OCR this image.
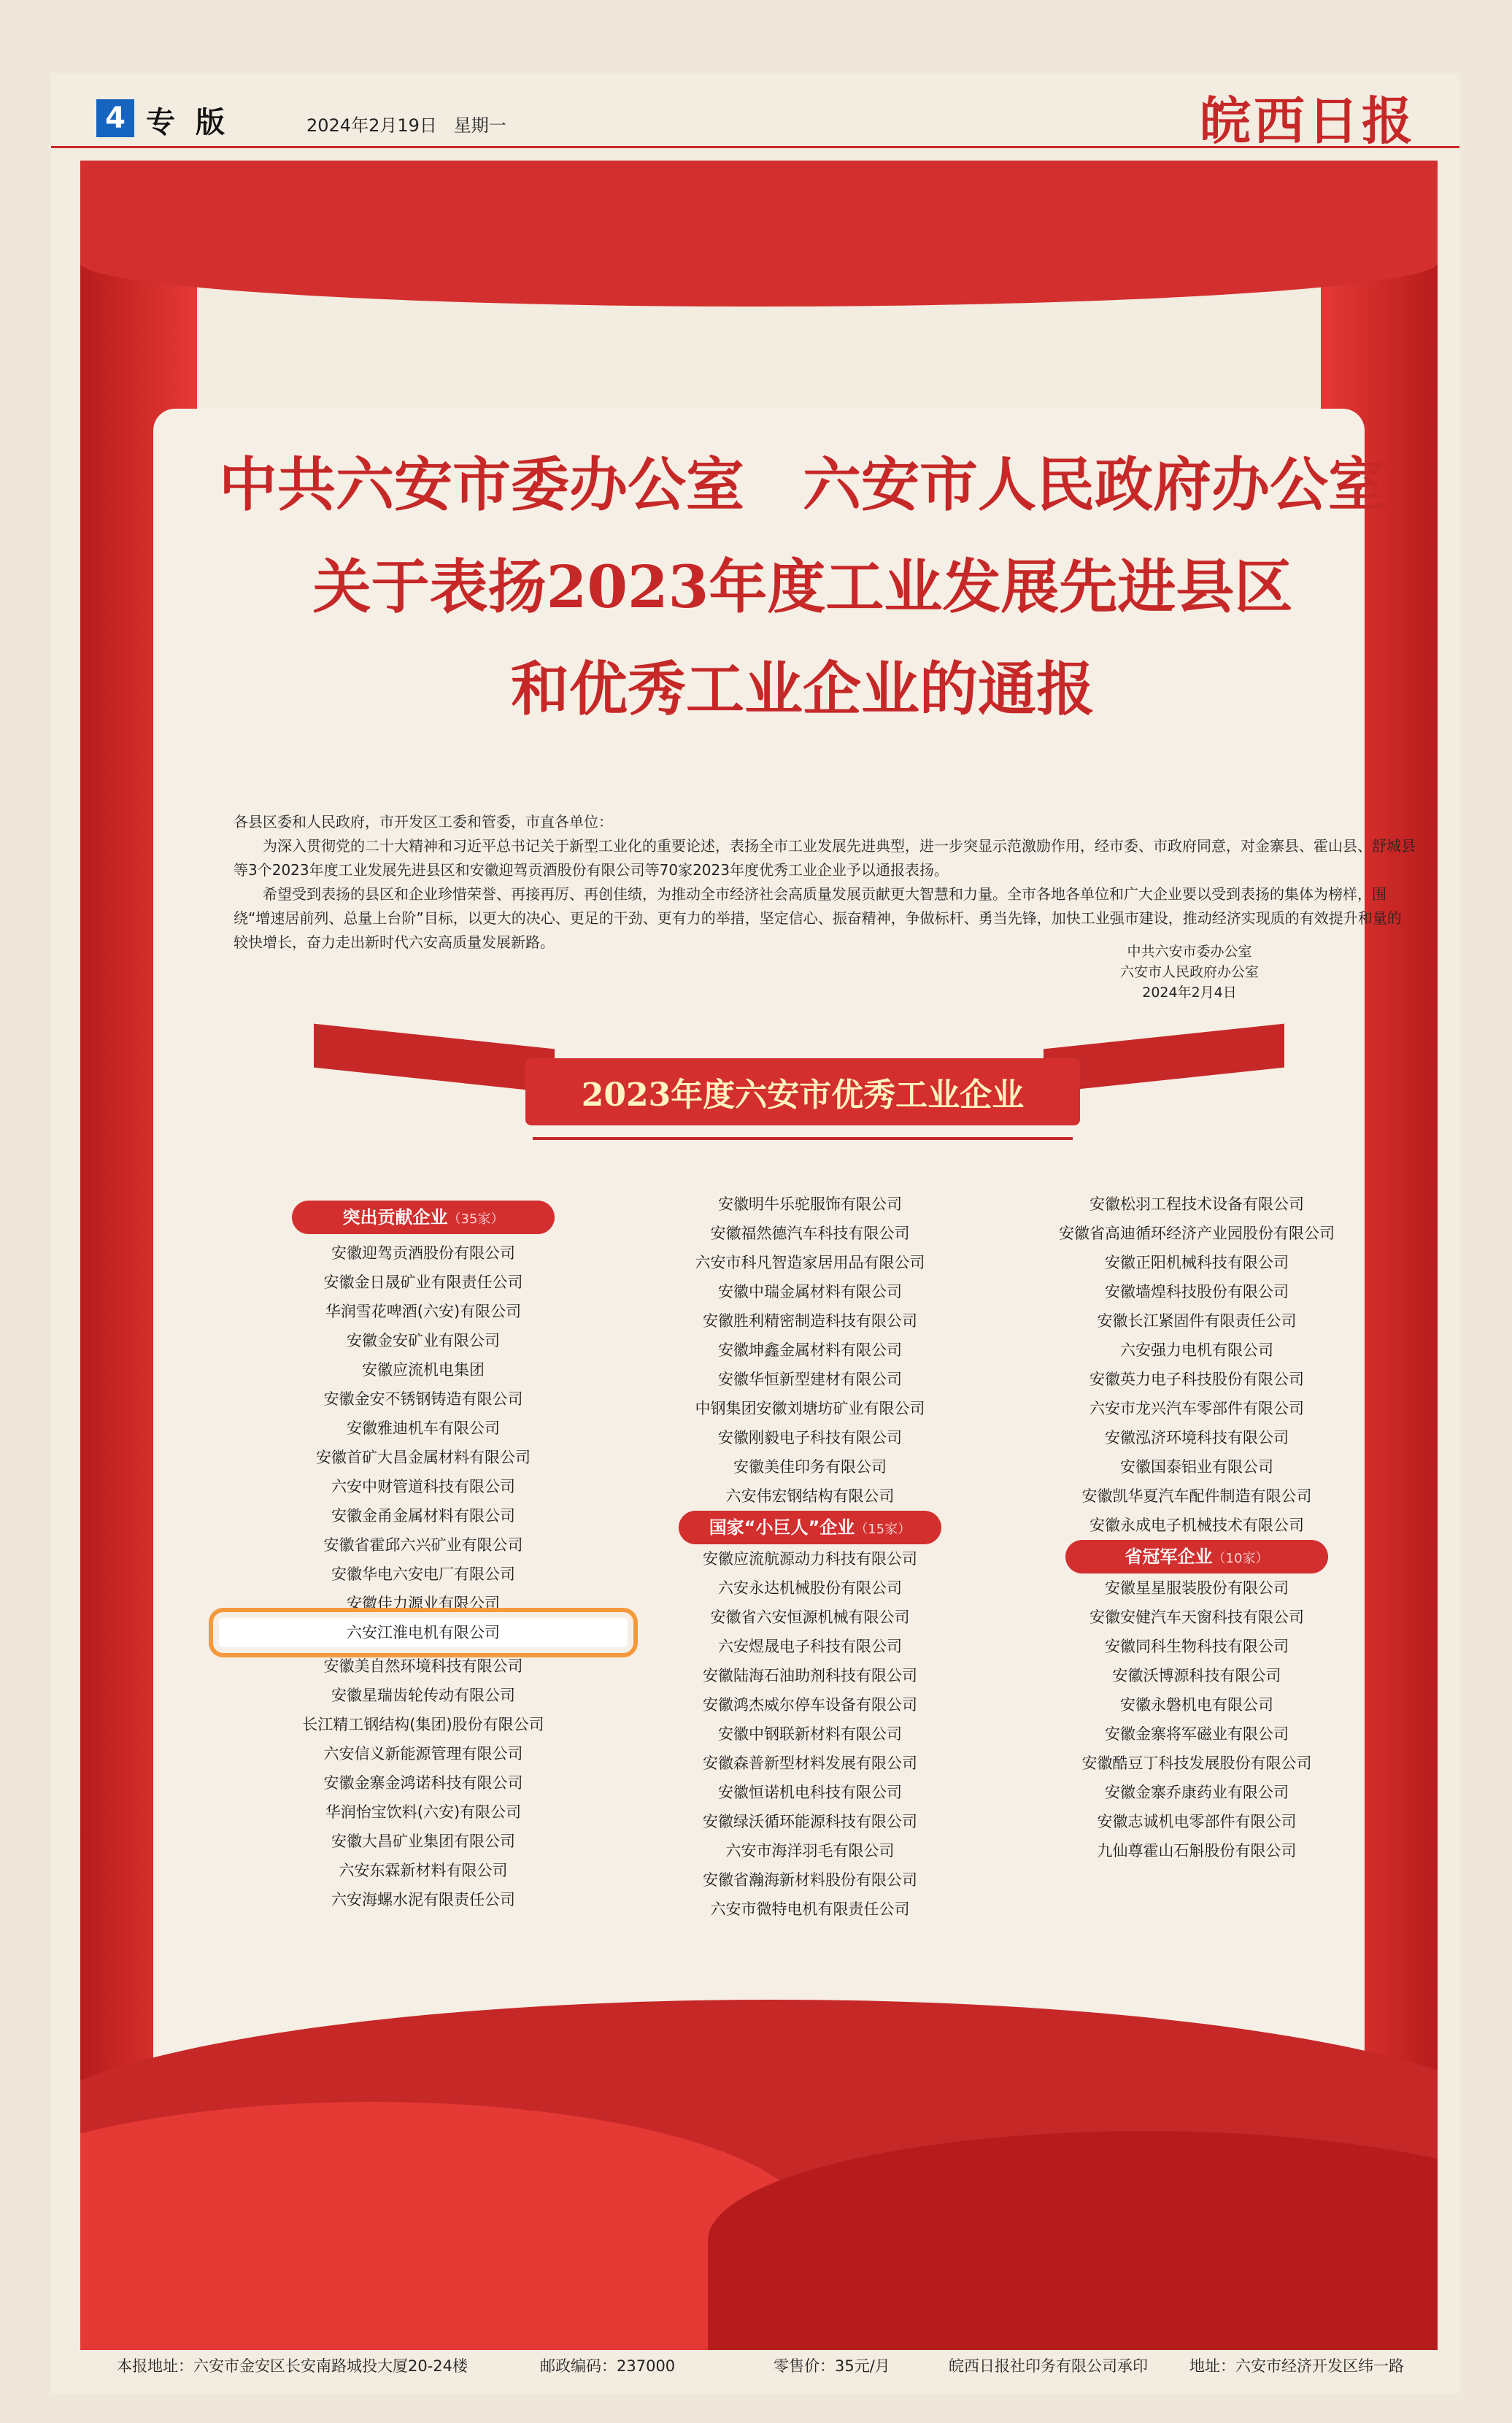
4 专版	2024年2月19日 星期一	皖西日报
中共六安市委办公室　六安市人民政府办公室
关于表扬2023年度工业发展先进县区
和优秀工业企业的通报

各县区委和人民政府，市开发区工委和管委，市直各单位：

为深入贯彻党的二十大精神和习近平总书记关于新型工业化的重要论述，表扬全市工业发展先进典型，进一步突显示范激励作用，经市委、市政府同意，对金寨县、霍山县、舒城县等3个2023年度工业发展先进县区和安徽迎驾贡酒股份有限公司等70家2023年度优秀工业企业予以通报表扬。

希望受到表扬的县区和企业珍惜荣誉、再接再厉、再创佳绩，为推动全市经济社会高质量发展贡献更大智慧和力量。全市各地各单位和广大企业要以受到表扬的集体为榜样，围绕“增速居前列、总量上台阶”目标，以更大的决心、更足的干劲、更有力的举措，坚定信心、振奋精神，争做标杆、勇当先锋，加快工业强市建设，推动经济实现质的有效提升和量的较快增长，奋力走出新时代六安高质量发展新路。

中共六安市委办公室
六安市人民政府办公室
2024年2月4日
2023年度六安市优秀工业企业
突出贡献企业（35家）
安徽迎驾贡酒股份有限公司
安徽金日晟矿业有限责任公司
华润雪花啤酒(六安)有限公司
安徽金安矿业有限公司
安徽应流机电集团
安徽金安不锈钢铸造有限公司
安徽雅迪机车有限公司
安徽首矿大昌金属材料有限公司
六安中财管道科技有限公司
安徽金甬金属材料有限公司
安徽省霍邱六兴矿业有限公司
安徽华电六安电厂有限公司
安徽佳力源业有限公司
六安江淮电机有限公司
安徽美自然环境科技有限公司
安徽星瑞齿轮传动有限公司
长江精工钢结构(集团)股份有限公司
六安信义新能源管理有限公司
安徽金寨金鸿诺科技有限公司
华润怡宝饮料(六安)有限公司
安徽大昌矿业集团有限公司
六安东霖新材料有限公司
六安海螺水泥有限责任公司
安徽明牛乐驼服饰有限公司
安徽福然德汽车科技有限公司
六安市科凡智造家居用品有限公司
安徽中瑞金属材料有限公司
安徽胜利精密制造科技有限公司
安徽坤鑫金属材料有限公司
安徽华恒新型建材有限公司
中钢集团安徽刘塘坊矿业有限公司
安徽刚毅电子科技有限公司
安徽美佳印务有限公司
六安伟宏钢结构有限公司
国家“小巨人”企业（15家）
安徽应流航源动力科技有限公司
六安永达机械股份有限公司
安徽省六安恒源机械有限公司
六安煜晟电子科技有限公司
安徽陆海石油助剂科技有限公司
安徽鸿杰威尔停车设备有限公司
安徽中钢联新材料有限公司
安徽森普新型材料发展有限公司
安徽恒诺机电科技有限公司
安徽绿沃循环能源科技有限公司
六安市海洋羽毛有限公司
安徽省瀚海新材料股份有限公司
六安市微特电机有限责任公司
安徽松羽工程技术设备有限公司
安徽省高迪循环经济产业园股份有限公司
安徽正阳机械科技有限公司
安徽墙煌科技股份有限公司
安徽长江紧固件有限责任公司
六安强力电机有限公司
安徽英力电子科技股份有限公司
六安市龙兴汽车零部件有限公司
安徽泓济环境科技有限公司
安徽国泰铝业有限公司
安徽凯华夏汽车配件制造有限公司
安徽永成电子机械技术有限公司
省冠军企业（10家）
安徽星星服装股份有限公司
安徽安健汽车天窗科技有限公司
安徽同科生物科技有限公司
安徽沃博源科技有限公司
安徽永磐机电有限公司
安徽金寨将军磁业有限公司
安徽酷豆丁科技发展股份有限公司
安徽金寨乔康药业有限公司
安徽志诚机电零部件有限公司
九仙尊霍山石斛股份有限公司
本报地址：六安市金安区长安南路城投大厦20-24楼	邮政编码：237000	零售价：35元/月	皖西日报社印务有限公司承印	地址：六安市经济开发区纬一路
